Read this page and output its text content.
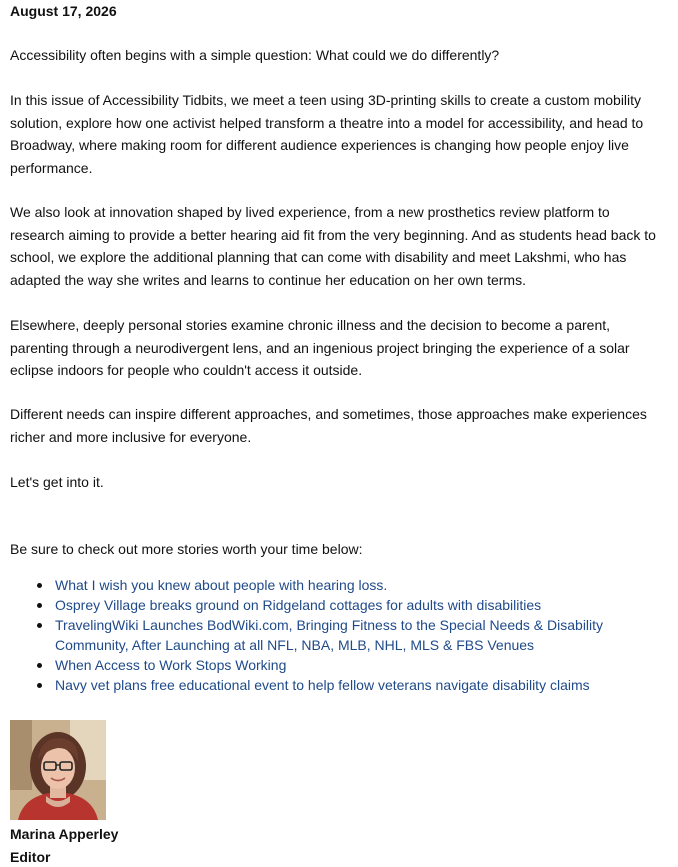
August 17, 2026

Accessibility often begins with a simple question: What could we do differently?

In this issue of Accessibility Tidbits, we meet a teen using 3D-printing skills to create a custom mobility solution, explore how one activist helped transform a theatre into a model for accessibility, and head to Broadway, where making room for different audience experiences is changing how people enjoy live performance.

We also look at innovation shaped by lived experience, from a new prosthetics review platform to research aiming to provide a better hearing aid fit from the very beginning. And as students head back to school, we explore the additional planning that can come with disability and meet Lakshmi, who has adapted the way she writes and learns to continue her education on her own terms.

Elsewhere, deeply personal stories examine chronic illness and the decision to become a parent, parenting through a neurodivergent lens, and an ingenious project bringing the experience of a solar eclipse indoors for people who couldn't access it outside.

Different needs can inspire different approaches, and sometimes, those approaches make experiences richer and more inclusive for everyone.

Let's get into it.

Be sure to check out more stories worth your time below:

What I wish you knew about people with hearing loss.
Osprey Village breaks ground on Ridgeland cottages for adults with disabilities
TravelingWiki Launches BodWiki.com, Bringing Fitness to the Special Needs & Disability Community, After Launching at all NFL, NBA, MLB, NHL, MLS & FBS Venues
When Access to Work Stops Working
Navy vet plans free educational event to help fellow veterans navigate disability claims

Marina Apperley

Editor
